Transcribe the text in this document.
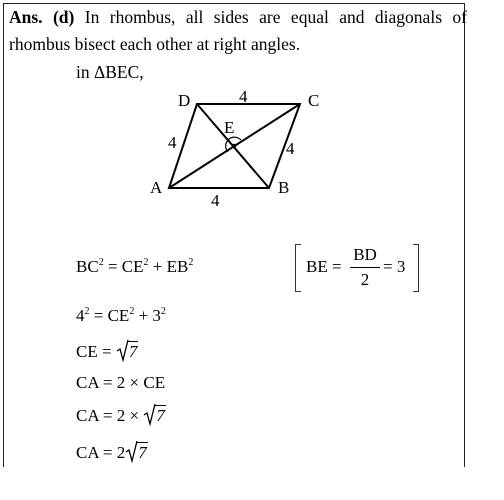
Ans. (d) In rhombus, all sides are equal and diagonals of rhombus bisect each other at right angles.
in ΔBEC,
D	C
A	B
E
4
4	4
4
$BC^2 = CE^2 + EB^2$	BE =
BD
2
= 3
$4^2 = CE^2 + 3^2$
CE =
7
CA = 2 × CE
CA = 2 ×
7
CA = 2 7
